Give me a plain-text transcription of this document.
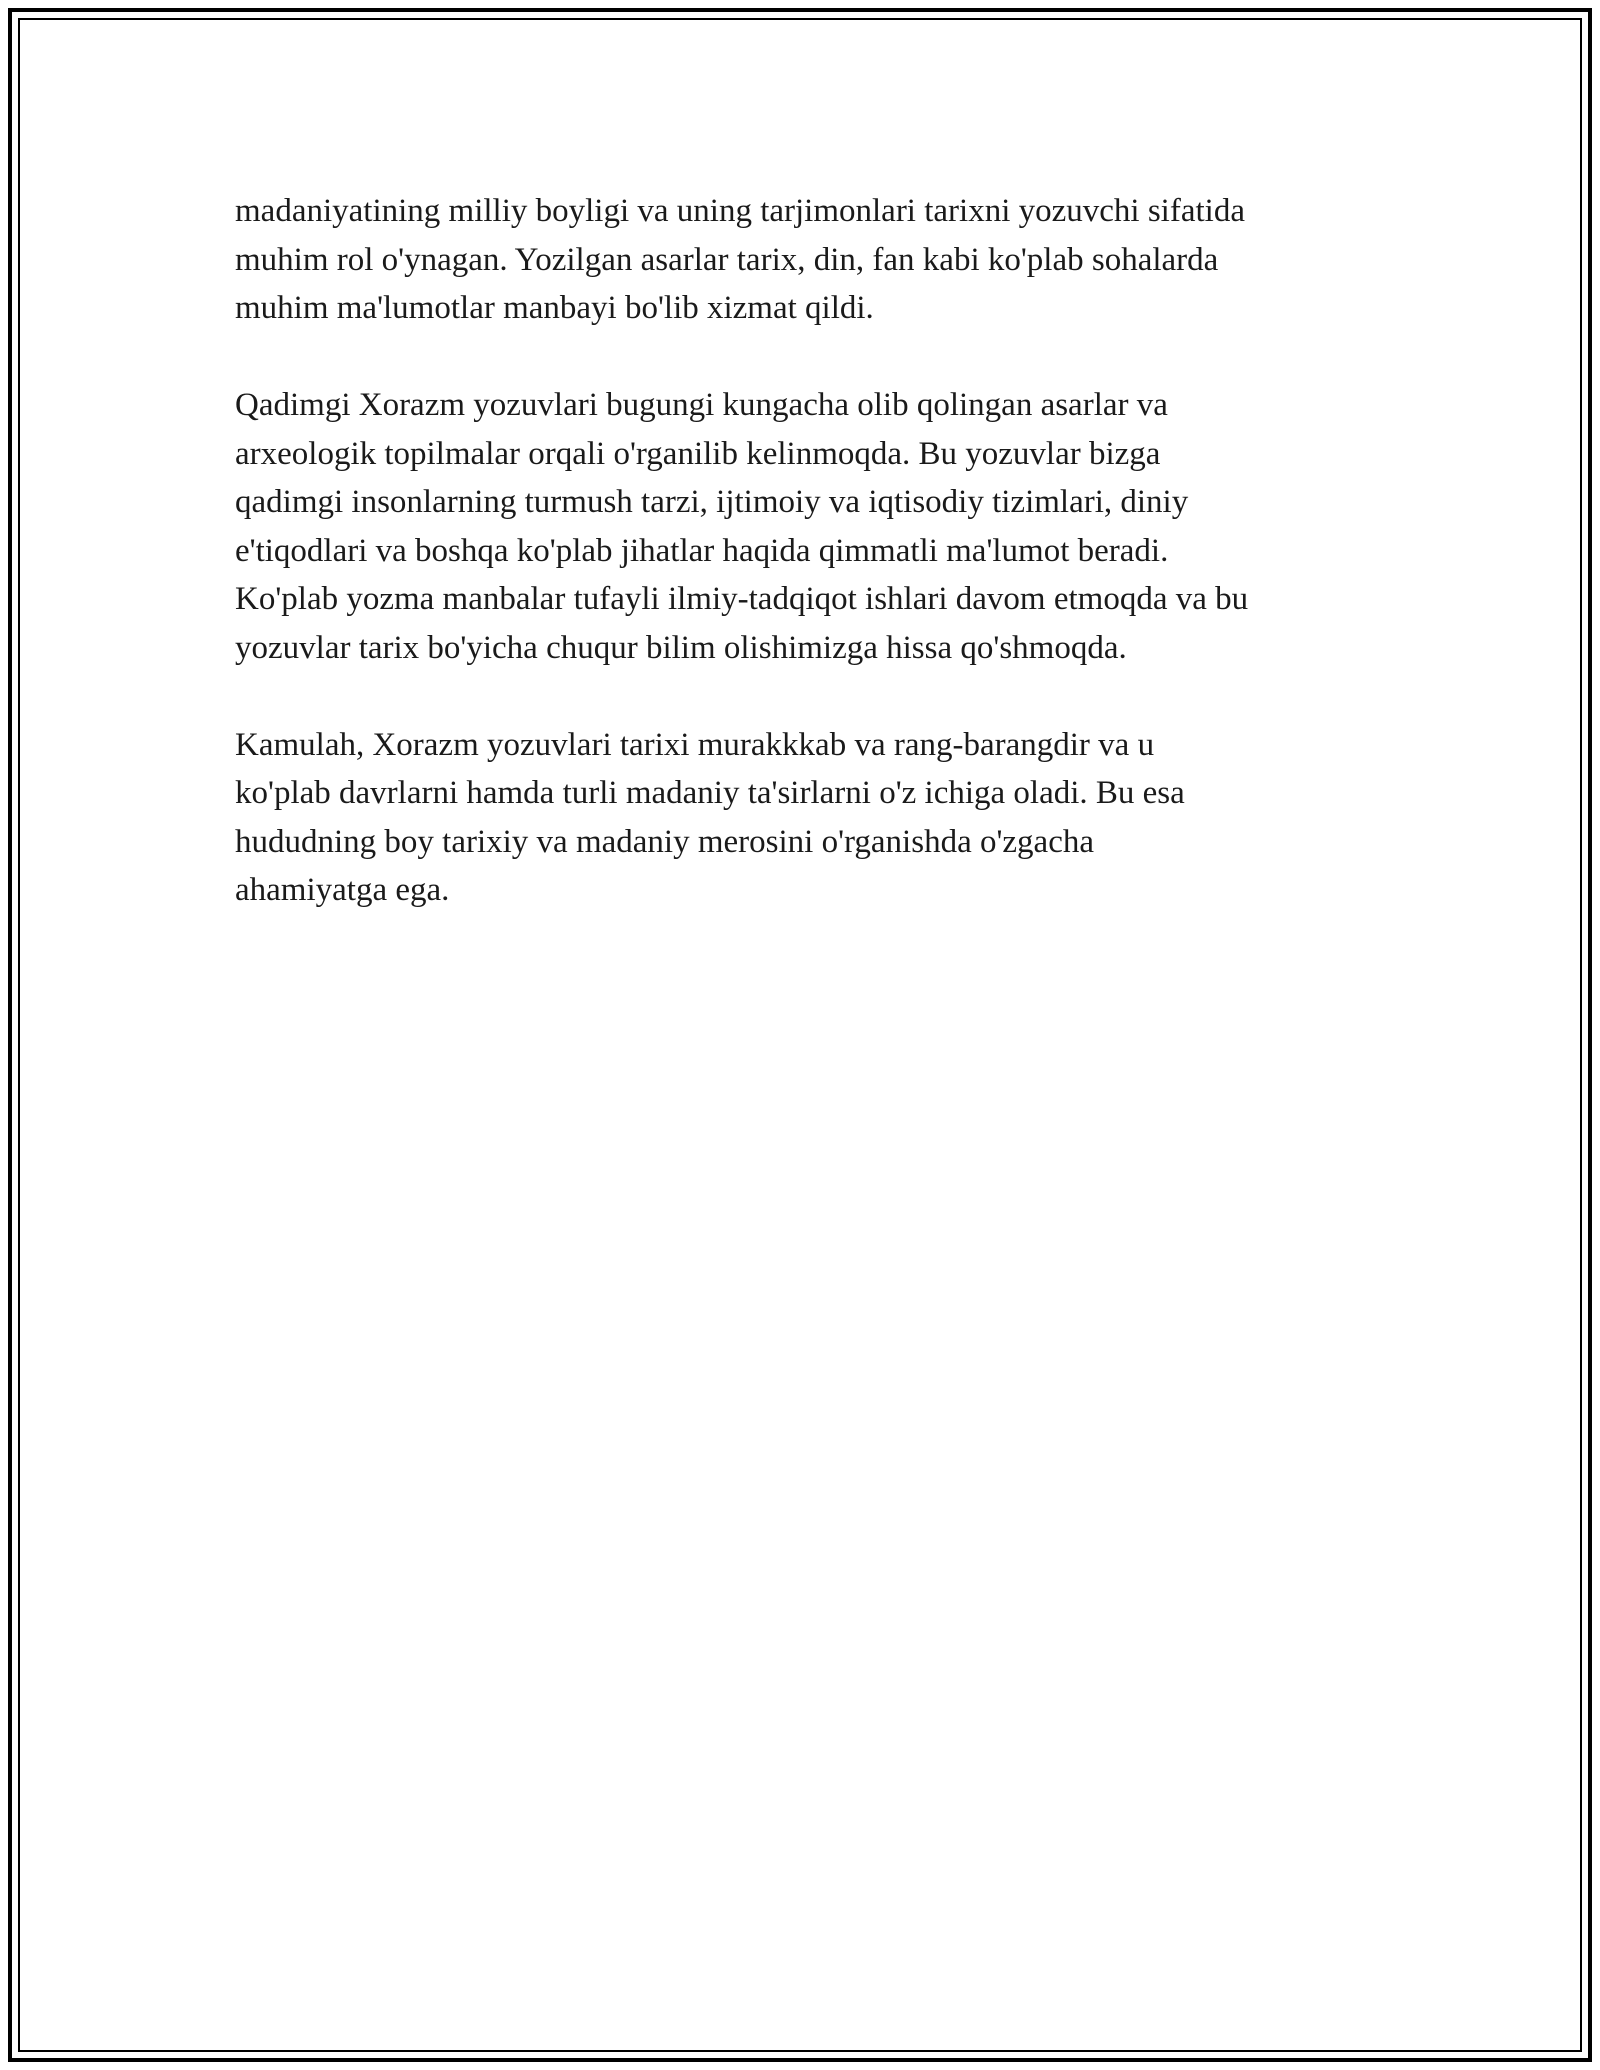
madaniyatining milliy boyligi va uning tarjimonlari tarixni yozuvchi sifatida
muhim rol o'ynagan. Yozilgan asarlar tarix, din, fan kabi ko'plab sohalarda
muhim ma'lumotlar manbayi bo'lib xizmat qildi.

Qadimgi Xorazm yozuvlari bugungi kungacha olib qolingan asarlar va
arxeologik topilmalar orqali o'rganilib kelinmoqda. Bu yozuvlar bizga
qadimgi insonlarning turmush tarzi, ijtimoiy va iqtisodiy tizimlari, diniy
e'tiqodlari va boshqa ko'plab jihatlar haqida qimmatli ma'lumot beradi.
Ko'plab yozma manbalar tufayli ilmiy-tadqiqot ishlari davom etmoqda va bu
yozuvlar tarix bo'yicha chuqur bilim olishimizga hissa qo'shmoqda.

Kamulah, Xorazm yozuvlari tarixi murakkkab va rang-barangdir va u
ko'plab davrlarni hamda turli madaniy ta'sirlarni o'z ichiga oladi. Bu esa
hududning boy tarixiy va madaniy merosini o'rganishda o'zgacha
ahamiyatga ega.
